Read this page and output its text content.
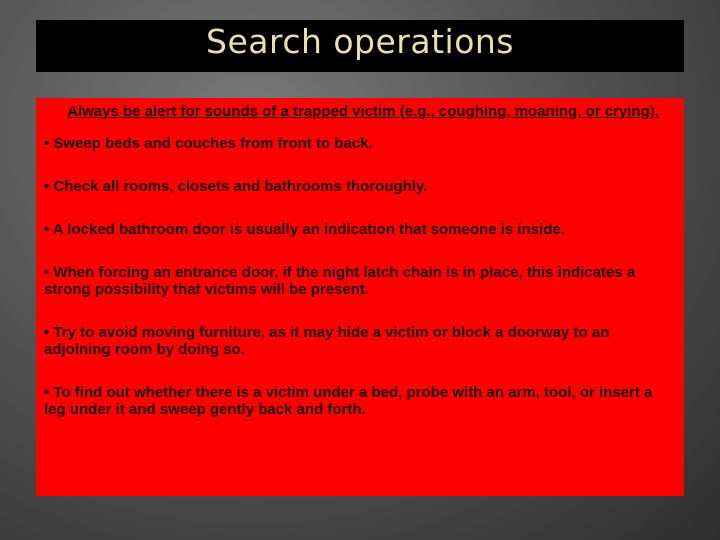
Search operations

Always be alert for sounds of a trapped victim (e.g., coughing, moaning, or crying).

• Sweep beds and couches from front to back.
• Check all rooms, closets and bathrooms thoroughly.
• A locked bathroom door is usually an indication that someone is inside.
• When forcing an entrance door, if the night latch chain is in place, this indicates a strong possibility that victims will be present.
• Try to avoid moving furniture, as it may hide a victim or block a doorway to an adjoining room by doing so.
• To find out whether there is a victim under a bed, probe with an arm, tool, or insert a leg under it and sweep gently back and forth.
